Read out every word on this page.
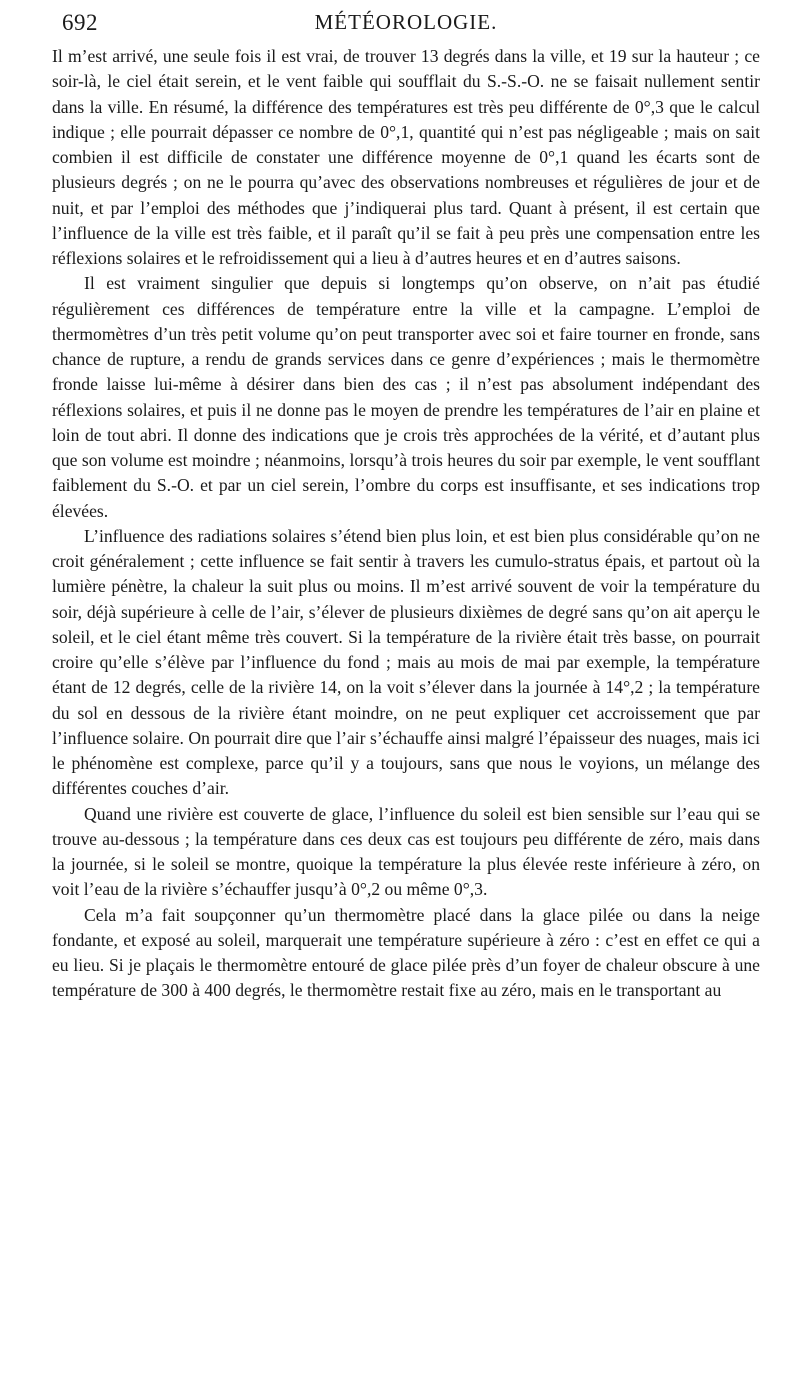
692	MÉTÉOROLOGIE.

Il m’est arrivé, une seule fois il est vrai, de trouver 13 degrés dans la ville, et 19 sur la hauteur ; ce soir-là, le ciel était serein, et le vent faible qui soufflait du S.-S.-O. ne se faisait nullement sentir dans la ville. En résumé, la différence des températures est très peu différente de 0°,3 que le calcul indique ; elle pourrait dépasser ce nombre de 0°,1, quantité qui n’est pas négligeable ; mais on sait combien il est difficile de constater une différence moyenne de 0°,1 quand les écarts sont de plusieurs degrés ; on ne le pourra qu’avec des observations nombreuses et régulières de jour et de nuit, et par l’emploi des méthodes que j’indiquerai plus tard. Quant à présent, il est certain que l’influence de la ville est très faible, et il paraît qu’il se fait à peu près une compensation entre les réflexions solaires et le refroidissement qui a lieu à d’autres heures et en d’autres saisons.

Il est vraiment singulier que depuis si longtemps qu’on observe, on n’ait pas étudié régulièrement ces différences de température entre la ville et la campagne. L’emploi de thermomètres d’un très petit volume qu’on peut transporter avec soi et faire tourner en fronde, sans chance de rupture, a rendu de grands services dans ce genre d’expériences ; mais le thermomètre fronde laisse lui-même à désirer dans bien des cas ; il n’est pas absolument indépendant des réflexions solaires, et puis il ne donne pas le moyen de prendre les températures de l’air en plaine et loin de tout abri. Il donne des indications que je crois très approchées de la vérité, et d’autant plus que son volume est moindre ; néanmoins, lorsqu’à trois heures du soir par exemple, le vent soufflant faiblement du S.-O. et par un ciel serein, l’ombre du corps est insuffisante, et ses indications trop élevées.

L’influence des radiations solaires s’étend bien plus loin, et est bien plus considérable qu’on ne croit généralement ; cette influence se fait sentir à travers les cumulo-stratus épais, et partout où la lumière pénètre, la chaleur la suit plus ou moins. Il m’est arrivé souvent de voir la température du soir, déjà supérieure à celle de l’air, s’élever de plusieurs dixièmes de degré sans qu’on ait aperçu le soleil, et le ciel étant même très couvert. Si la température de la rivière était très basse, on pourrait croire qu’elle s’élève par l’influence du fond ; mais au mois de mai par exemple, la température étant de 12 degrés, celle de la rivière 14, on la voit s’élever dans la journée à 14°,2 ; la température du sol en dessous de la rivière étant moindre, on ne peut expliquer cet accroissement que par l’influence solaire. On pourrait dire que l’air s’échauffe ainsi malgré l’épaisseur des nuages, mais ici le phénomène est complexe, parce qu’il y a toujours, sans que nous le voyions, un mélange des différentes couches d’air.

Quand une rivière est couverte de glace, l’influence du soleil est bien sensible sur l’eau qui se trouve au-dessous ; la température dans ces deux cas est toujours peu différente de zéro, mais dans la journée, si le soleil se montre, quoique la température la plus élevée reste inférieure à zéro, on voit l’eau de la rivière s’échauffer jusqu’à 0°,2 ou même 0°,3.

Cela m’a fait soupçonner qu’un thermomètre placé dans la glace pilée ou dans la neige fondante, et exposé au soleil, marquerait une température supérieure à zéro : c’est en effet ce qui a eu lieu. Si je plaçais le thermomètre entouré de glace pilée près d’un foyer de chaleur obscure à une température de 300 à 400 degrés, le thermomètre restait fixe au zéro, mais en le transportant au
